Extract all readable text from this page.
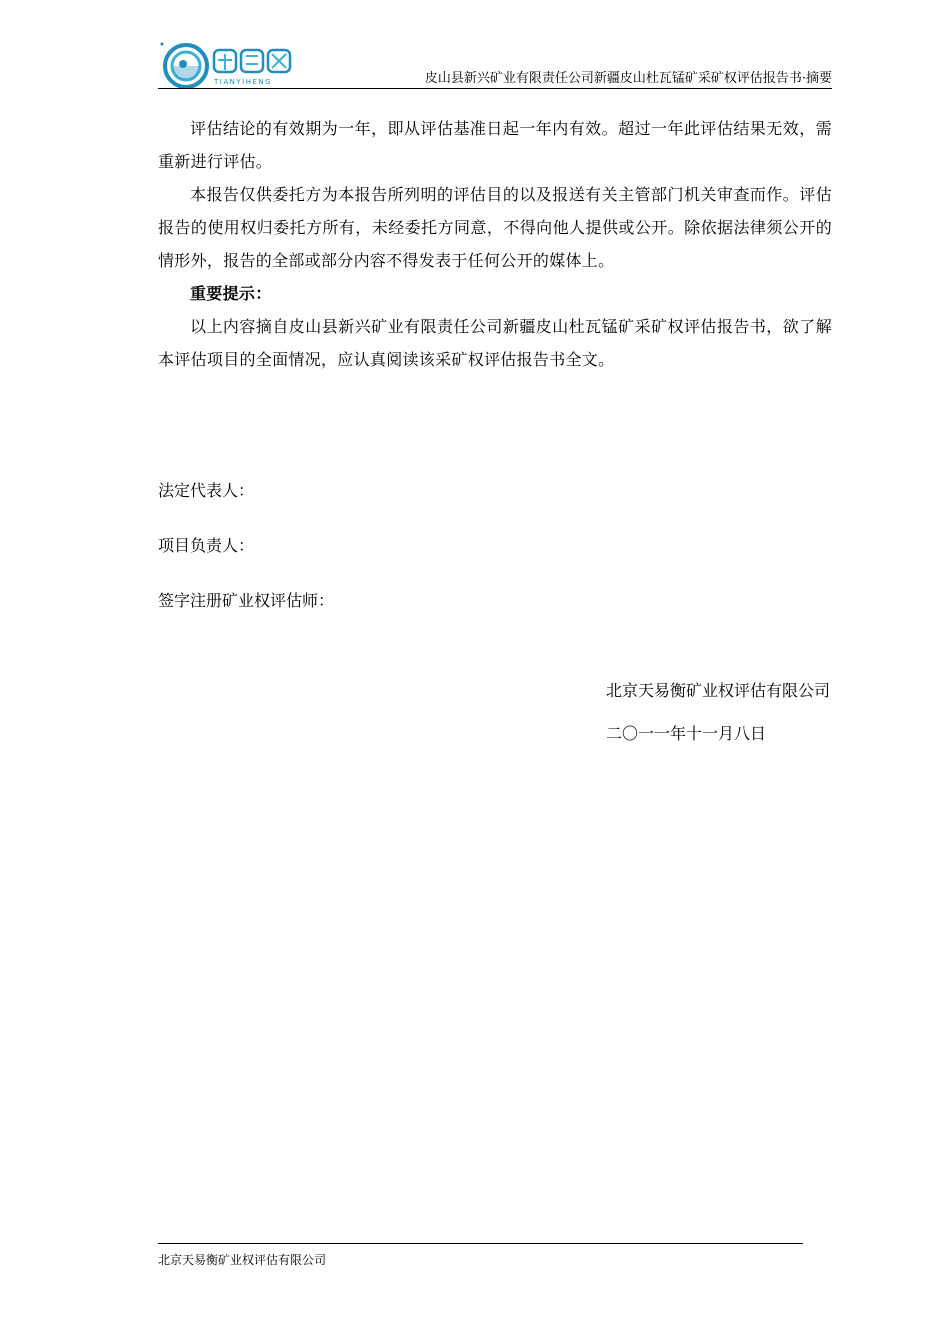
TIANYIHENG	皮山县新兴矿业有限责任公司新疆皮山杜瓦锰矿采矿权评估报告书·摘要

评估结论的有效期为一年，即从评估基准日起一年内有效。超过一年此评估结果无效，需重新进行评估。

本报告仅供委托方为本报告所列明的评估目的以及报送有关主管部门机关审查而作。评估报告的使用权归委托方所有，未经委托方同意，不得向他人提供或公开。除依据法律须公开的情形外，报告的全部或部分内容不得发表于任何公开的媒体上。

重要提示：

以上内容摘自皮山县新兴矿业有限责任公司新疆皮山杜瓦锰矿采矿权评估报告书，欲了解本评估项目的全面情况，应认真阅读该采矿权评估报告书全文。

法定代表人：
项目负责人：
签字注册矿业权评估师：
北京天易衡矿业权评估有限公司
二〇一一年十一月八日
北京天易衡矿业权评估有限公司
